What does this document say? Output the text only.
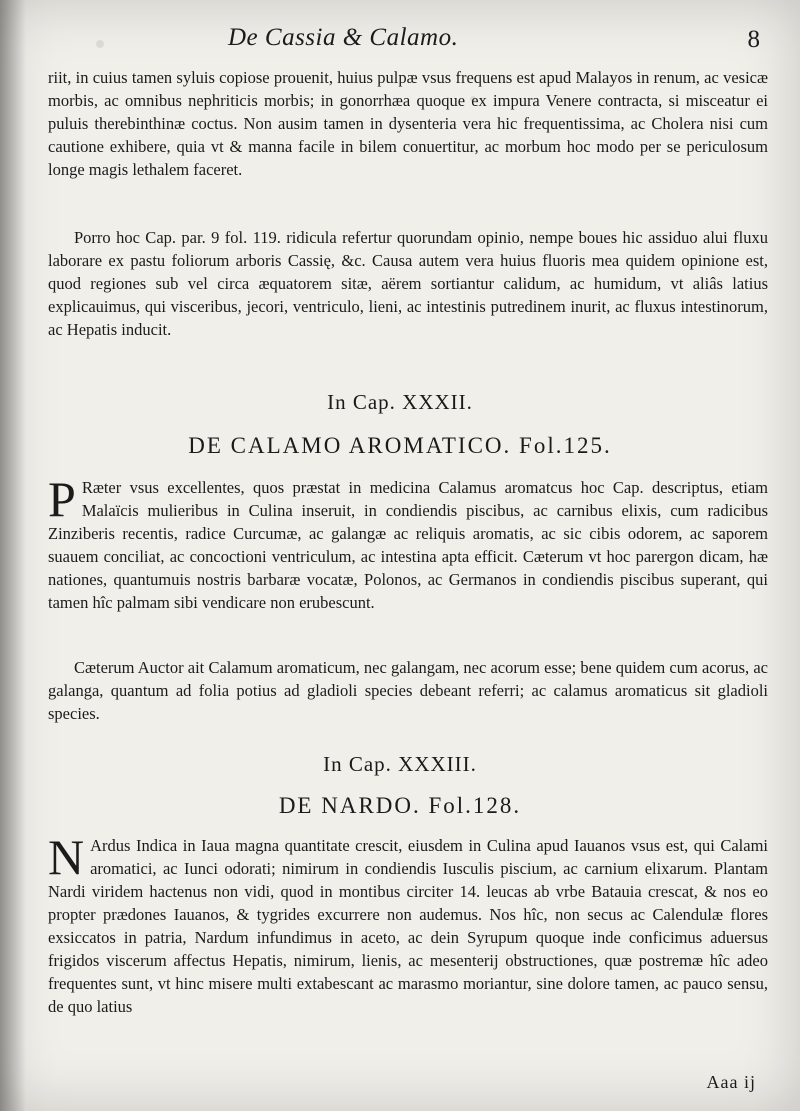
De Cassia & Calamo.	8
riit, in cuius tamen syluis copiose prouenit, huius pulpæ vsus frequens est apud Malayos in renum, ac vesicæ morbis, ac omnibus nephriticis morbis; in gonorrhæa quoque ex impura Venere contracta, si misceatur ei puluis therebinthinæ coctus. Non ausim tamen in dysenteria vera hic frequentissima, ac Cholera nisi cum cautione exhibere, quia vt & manna facile in bilem conuertitur, ac morbum hoc modo per se periculosum longe magis lethalem faceret.
Porro hoc Cap. par. 9 fol. 119. ridicula refertur quorundam opinio, nempe boues hic assiduo alui fluxu laborare ex pastu foliorum arboris Cassię, &c. Causa autem vera huius fluoris mea quidem opinione est, quod regiones sub vel circa æquatorem sitæ, aërem sortiantur calidum, ac humidum, vt aliâs latius explicauimus, qui visceribus, jecori, ventriculo, lieni, ac intestinis putredinem inurit, ac fluxus intestinorum, ac Hepatis inducit.
In Cap. XXXII.
DE CALAMO AROMATICO. Fol.125.
P Ræter vsus excellentes, quos præstat in medicina Calamus aromatcus hoc Cap. descriptus, etiam Malaïcis mulieribus in Culina inseruit, in condiendis piscibus, ac carnibus elixis, cum radicibus Zinziberis recentis, radice Curcumæ, ac galangæ ac reliquis aromatis, ac sic cibis odorem, ac saporem suauem conciliat, ac concoctioni ventriculum, ac intestina apta efficit. Cæterum vt hoc parergon dicam, hæ nationes, quantumuis nostris barbaræ vocatæ, Polonos, ac Germanos in condiendis piscibus superant, qui tamen hîc palmam sibi vendicare non erubescunt.
Cæterum Auctor ait Calamum aromaticum, nec galangam, nec acorum esse; bene quidem cum acorus, ac galanga, quantum ad folia potius ad gladioli species debeant referri; ac calamus aromaticus sit gladioli species.
In Cap. XXXIII.
DE NARDO. Fol.128.
N Ardus Indica in Iaua magna quantitate crescit, eiusdem in Culina apud Iauanos vsus est, qui Calami aromatici, ac Iunci odorati; nimirum in condiendis Iusculis piscium, ac carnium elixarum. Plantam Nardi viridem hactenus non vidi, quod in montibus circiter 14. leucas ab vrbe Batauia crescat, & nos eo propter prædones Iauanos, & tygrides excurrere non audemus. Nos hîc, non secus ac Calendulæ flores exsiccatos in patria, Nardum infundimus in aceto, ac dein Syrupum quoque inde conficimus aduersus frigidos viscerum affectus Hepatis, nimirum, lienis, ac mesenterij obstructiones, quæ postremæ hîc adeo frequentes sunt, vt hinc misere multi extabescant ac marasmo moriantur, sine dolore tamen, ac pauco sensu, de quo latius
Aaa ij
